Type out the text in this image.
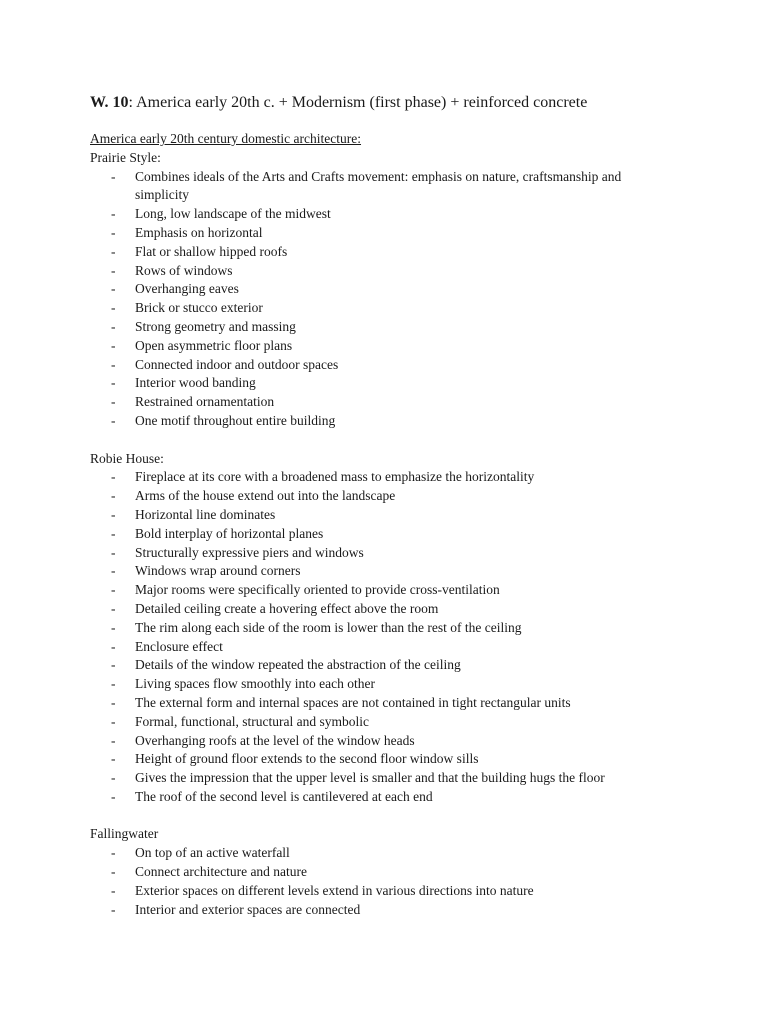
W. 10: America early 20th c. + Modernism (first phase) + reinforced concrete
America early 20th century domestic architecture:
Prairie Style:
- Combines ideals of the Arts and Crafts movement: emphasis on nature, craftsmanship and simplicity
- Long, low landscape of the midwest
- Emphasis on horizontal
- Flat or shallow hipped roofs
- Rows of windows
- Overhanging eaves
- Brick or stucco exterior
- Strong geometry and massing
- Open asymmetric floor plans
- Connected indoor and outdoor spaces
- Interior wood banding
- Restrained ornamentation
- One motif throughout entire building
Robie House:
- Fireplace at its core with a broadened mass to emphasize the horizontality
- Arms of the house extend out into the landscape
- Horizontal line dominates
- Bold interplay of horizontal planes
- Structurally expressive piers and windows
- Windows wrap around corners
- Major rooms were specifically oriented to provide cross-ventilation
- Detailed ceiling create a hovering effect above the room
- The rim along each side of the room is lower than the rest of the ceiling
- Enclosure effect
- Details of the window repeated the abstraction of the ceiling
- Living spaces flow smoothly into each other
- The external form and internal spaces are not contained in tight rectangular units
- Formal, functional, structural and symbolic
- Overhanging roofs at the level of the window heads
- Height of ground floor extends to the second floor window sills
- Gives the impression that the upper level is smaller and that the building hugs the floor
- The roof of the second level is cantilevered at each end
Fallingwater
- On top of an active waterfall
- Connect architecture and nature
- Exterior spaces on different levels extend in various directions into nature
- Interior and exterior spaces are connected
